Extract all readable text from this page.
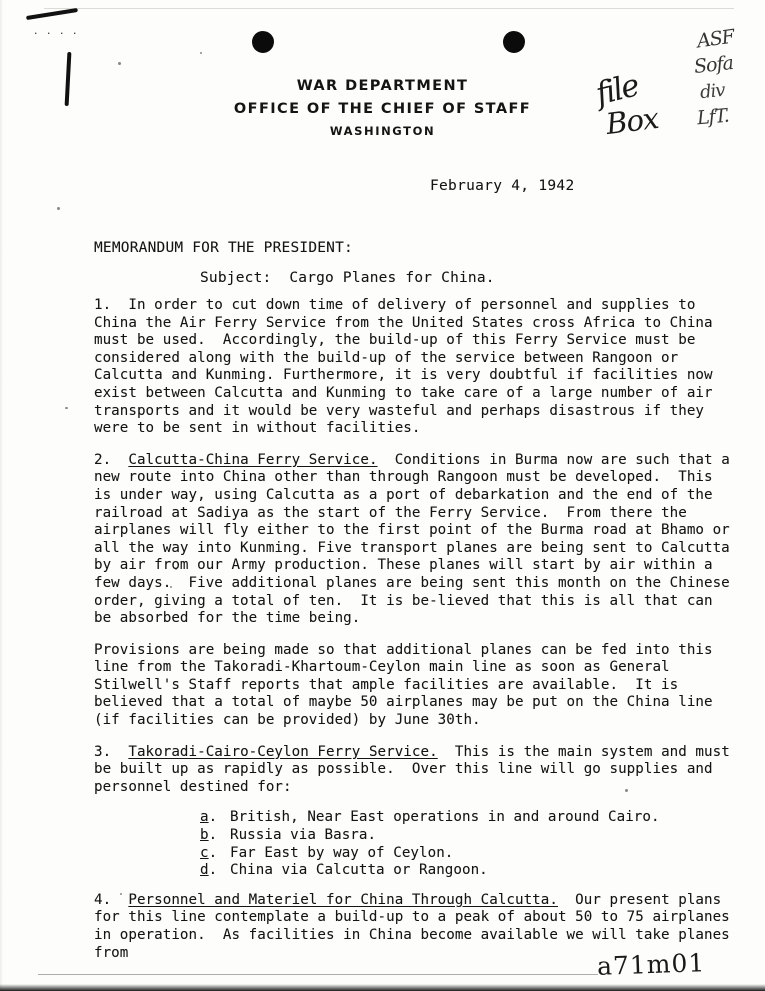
· · · ·
file
Box
ASF
Sofa
div
LfT.
a71m01
WAR DEPARTMENT
OFFICE OF THE CHIEF OF STAFF
WASHINGTON
February 4, 1942
MEMORANDUM FOR THE PRESIDENT:
Subject: Cargo Planes for China.

1.  In order to cut down time of delivery of personnel and supplies to China the Air Ferry Service from the United States cross Africa to China must be used.  Accordingly, the build-up of this Ferry Service must be considered along with the build-up of the service between Rangoon or Calcutta and Kunming. Furthermore, it is very doubtful if facilities now exist between Calcutta and Kunming to take care of a large number of air transports and it would be very wasteful and perhaps disastrous if they were to be sent in without facilities.

2.  Calcutta-China Ferry Service.  Conditions in Burma now are such that a new route into China other than through Rangoon must be developed.  This is under way, using Calcutta as a port of debarkation and the end of the railroad at Sadiya as the start of the Ferry Service.  From there the airplanes will fly either to the first point of the Burma road at Bhamo or all the way into Kunming. Five transport planes are being sent to Calcutta by air from our Army production. These planes will start by air within a few days.  Five additional planes are being sent this month on the Chinese order, giving a total of ten.  It is be-lieved that this is all that can be absorbed for the time being.

Provisions are being made so that additional planes can be fed into this line from the Takoradi-Khartoum-Ceylon main line as soon as General Stilwell's Staff reports that ample facilities are available.  It is believed that a total of maybe 50 airplanes may be put on the China line (if facilities can be provided) by June 30th.

3.  Takoradi-Cairo-Ceylon Ferry Service.  This is the main system and must be built up as rapidly as possible.  Over this line will go supplies and personnel destined for:

a. British, Near East operations in and around Cairo.
b. Russia via Basra.
c. Far East by way of Ceylon.
d. China via Calcutta or Rangoon.

4.  Personnel and Materiel for China Through Calcutta.  Our present plans for this line contemplate a build-up to a peak of about 50 to 75 airplanes in operation.  As facilities in China become available we will take planes from
